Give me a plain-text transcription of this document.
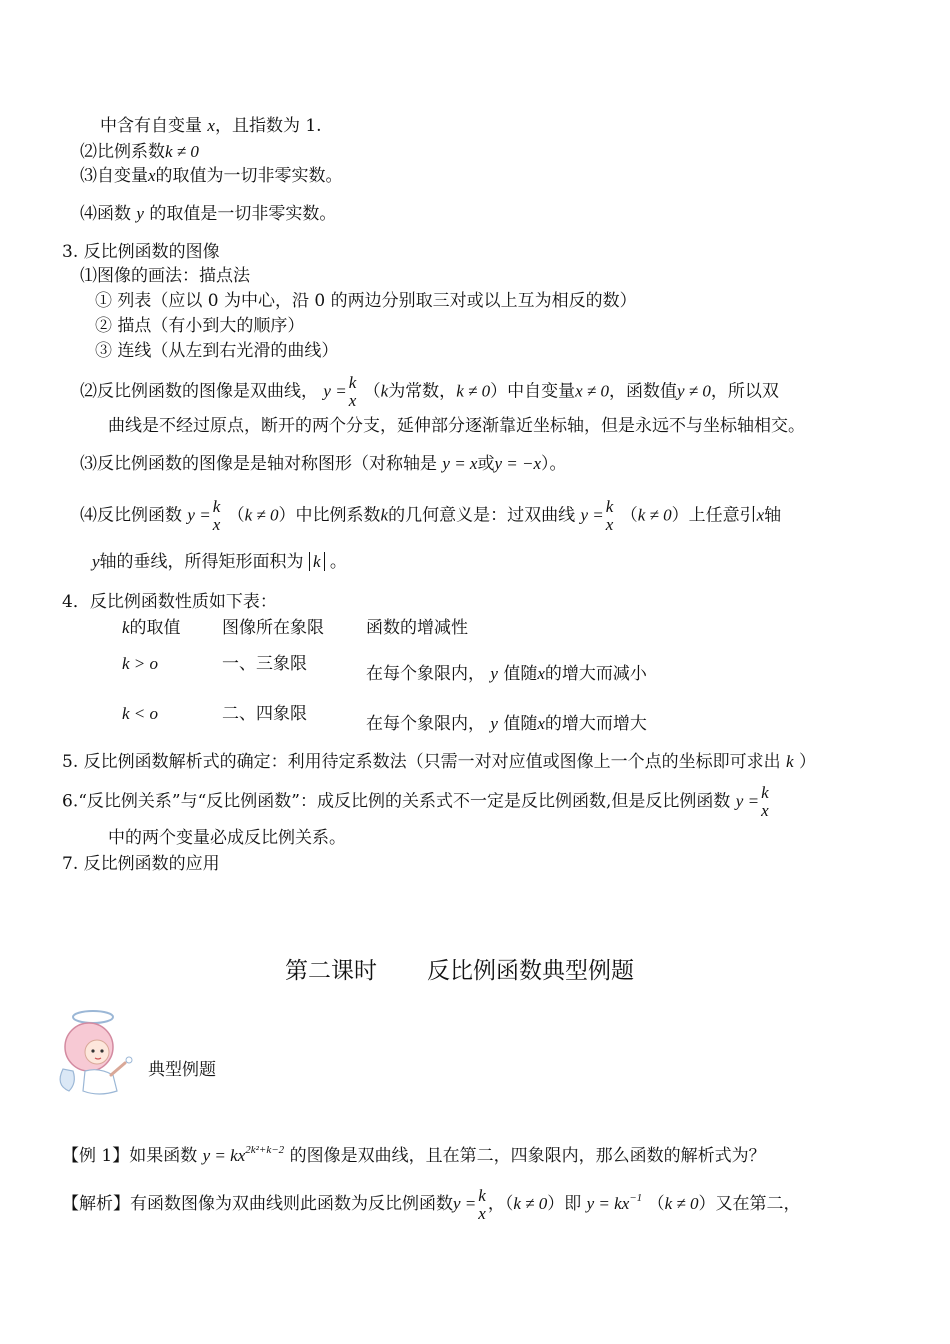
中含有自变量 x，且指数为 1.
⑵比例系数k ≠ 0
⑶自变量x的取值为一切非零实数。
⑷函数 y 的取值是一切非零实数。
3. 反比例函数的图像
⑴图像的画法：描点法
① 列表（应以 0 为中心，沿 0 的两边分别取三对或以上互为相反的数）
② 描点（有小到大的顺序）
③ 连线（从左到右光滑的曲线）
⑵反比例函数的图像是双曲线， y = k
x （k为常数，k ≠ 0）中自变量x ≠ 0，函数值y ≠ 0，所以双
曲线是不经过原点，断开的两个分支，延伸部分逐渐靠近坐标轴，但是永远不与坐标轴相交。
⑶反比例函数的图像是是轴对称图形（对称轴是 y = x或y = −x）。
⑷反比例函数 y = k
x （k ≠ 0）中比例系数k的几何意义是：过双曲线 y = k
x （k ≠ 0）上任意引x轴
y轴的垂线，所得矩形面积为 k 。
4．反比例函数性质如下表：
k的取值 图像所在象限 函数的增减性
k > o	一、三象限	在每个象限内， y 值随x的增大而减小
k < o	二、四象限	在每个象限内， y 值随x的增大而增大
5. 反比例函数解析式的确定：利用待定系数法（只需一对对应值或图像上一个点的坐标即可求出 k ）
6.“反比例关系”与“反比例函数”：成反比例的关系式不一定是反比例函数,但是反比例函数 y = k
x
中的两个变量必成反比例关系。
7. 反比例函数的应用
第二课时 反比例函数典型例题
典型例题
【例 1】如果函数 $y = kx^{2k^2+k-2}$ 的图像是双曲线，且在第二，四象限内，那么函数的解析式为？
【解析】有函数图像为双曲线则此函数为反比例函数y = k
x ，（k ≠ 0）即 $y = kx^{-1}$ （k ≠ 0）又在第二，
